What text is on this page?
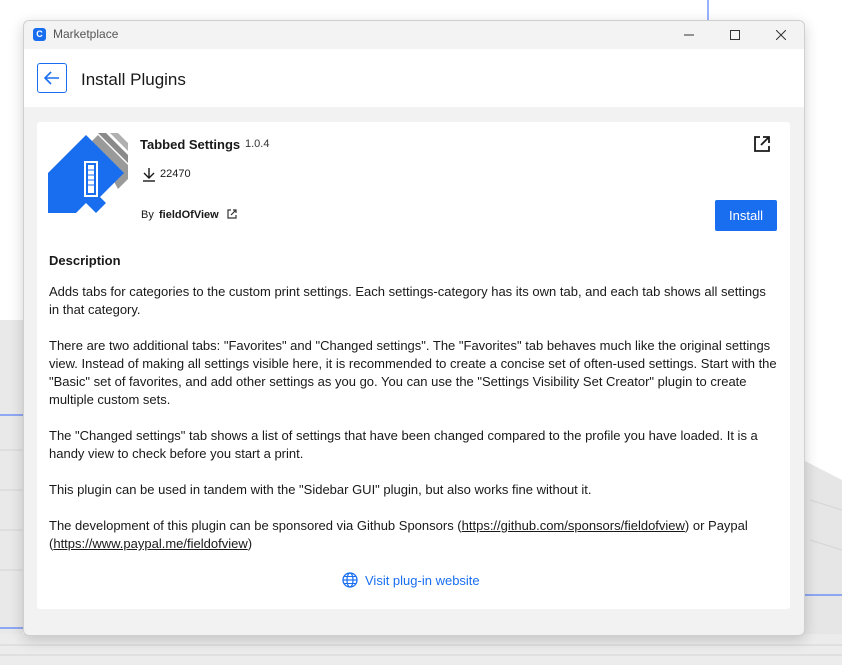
C Marketplace
Install Plugins
Tabbed Settings 1.0.4
22470
By fieldOfView	Install
Description

Adds tabs for categories to the custom print settings. Each settings-category has its own tab, and each tab shows all settings in that category.

There are two additional tabs: "Favorites" and "Changed settings". The "Favorites" tab behaves much like the original settings view. Instead of making all settings visible here, it is recommended to create a concise set of often-used settings. Start with the "Basic" set of favorites, and add other settings as you go. You can use the "Settings Visibility Set Creator" plugin to create multiple custom sets.

The "Changed settings" tab shows a list of settings that have been changed compared to the profile you have loaded. It is a handy view to check before you start a print.

This plugin can be used in tandem with the "Sidebar GUI" plugin, but also works fine without it.

The development of this plugin can be sponsored via Github Sponsors (https://github.com/sponsors/fieldofview) or Paypal (https://www.paypal.me/fieldofview)

Visit plug-in website
